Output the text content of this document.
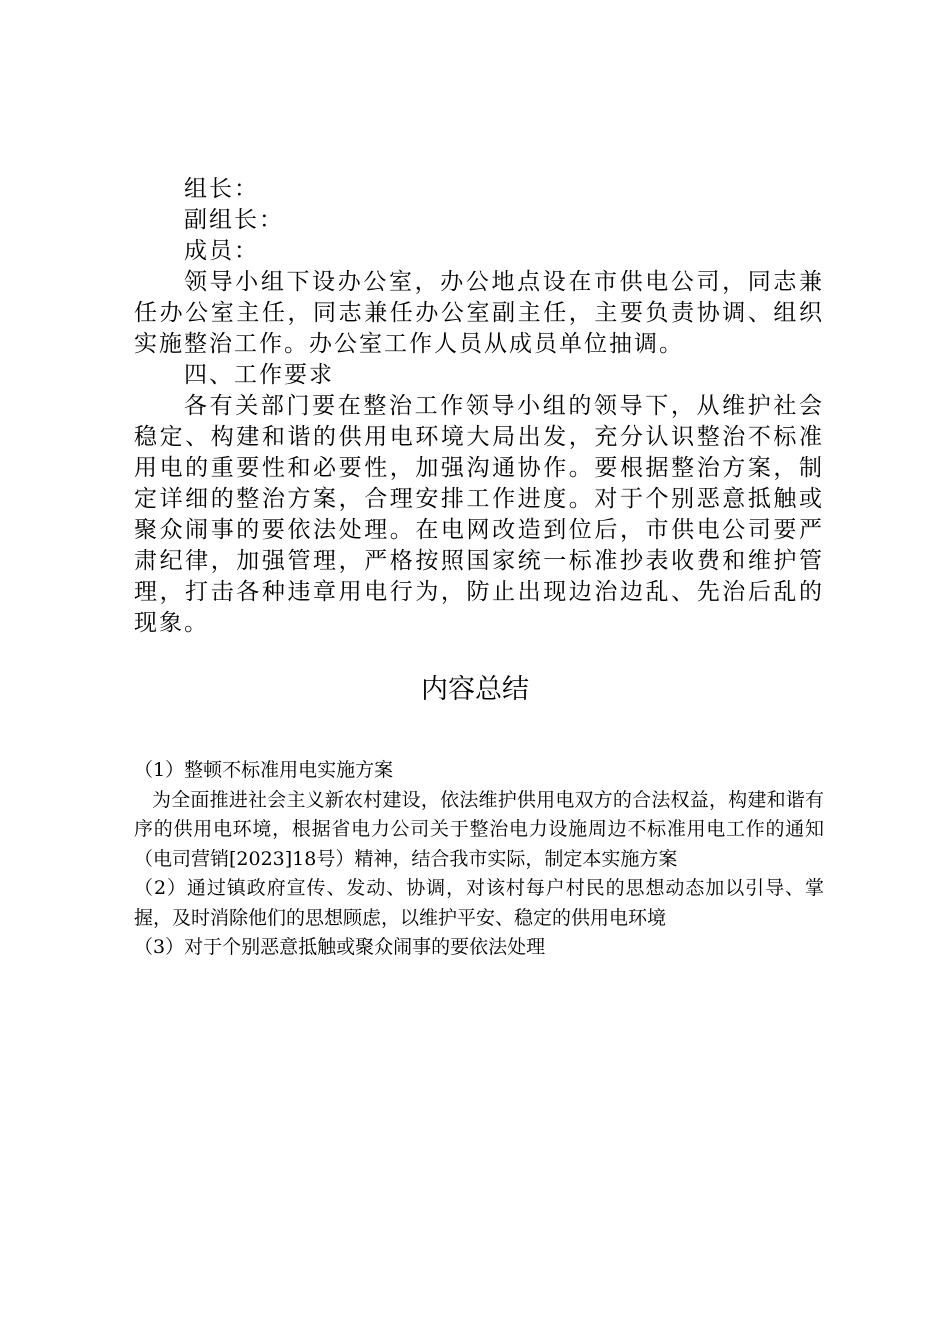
组长：

副组长：

成员：

领导小组下设办公室，办公地点设在市供电公司，同志兼任办公室主任，同志兼任办公室副主任，主要负责协调、组织实施整治工作。办公室工作人员从成员单位抽调。

四、工作要求

各有关部门要在整治工作领导小组的领导下，从维护社会稳定、构建和谐的供用电环境大局出发，充分认识整治不标准用电的重要性和必要性，加强沟通协作。要根据整治方案，制定详细的整治方案，合理安排工作进度。对于个别恶意抵触或聚众闹事的要依法处理。在电网改造到位后，市供电公司要严肃纪律，加强管理，严格按照国家统一标准抄表收费和维护管理，打击各种违章用电行为，防止出现边治边乱、先治后乱的现象。

内容总结

（1）整顿不标准用电实施方案

为全面推进社会主义新农村建设，依法维护供用电双方的合法权益，构建和谐有序的供用电环境，根据省电力公司关于整治电力设施周边不标准用电工作的通知（电司营销[2023]18号）精神，结合我市实际，制定本实施方案

（2）通过镇政府宣传、发动、协调，对该村每户村民的思想动态加以引导、掌握，及时消除他们的思想顾虑，以维护平安、稳定的供用电环境

（3）对于个别恶意抵触或聚众闹事的要依法处理
